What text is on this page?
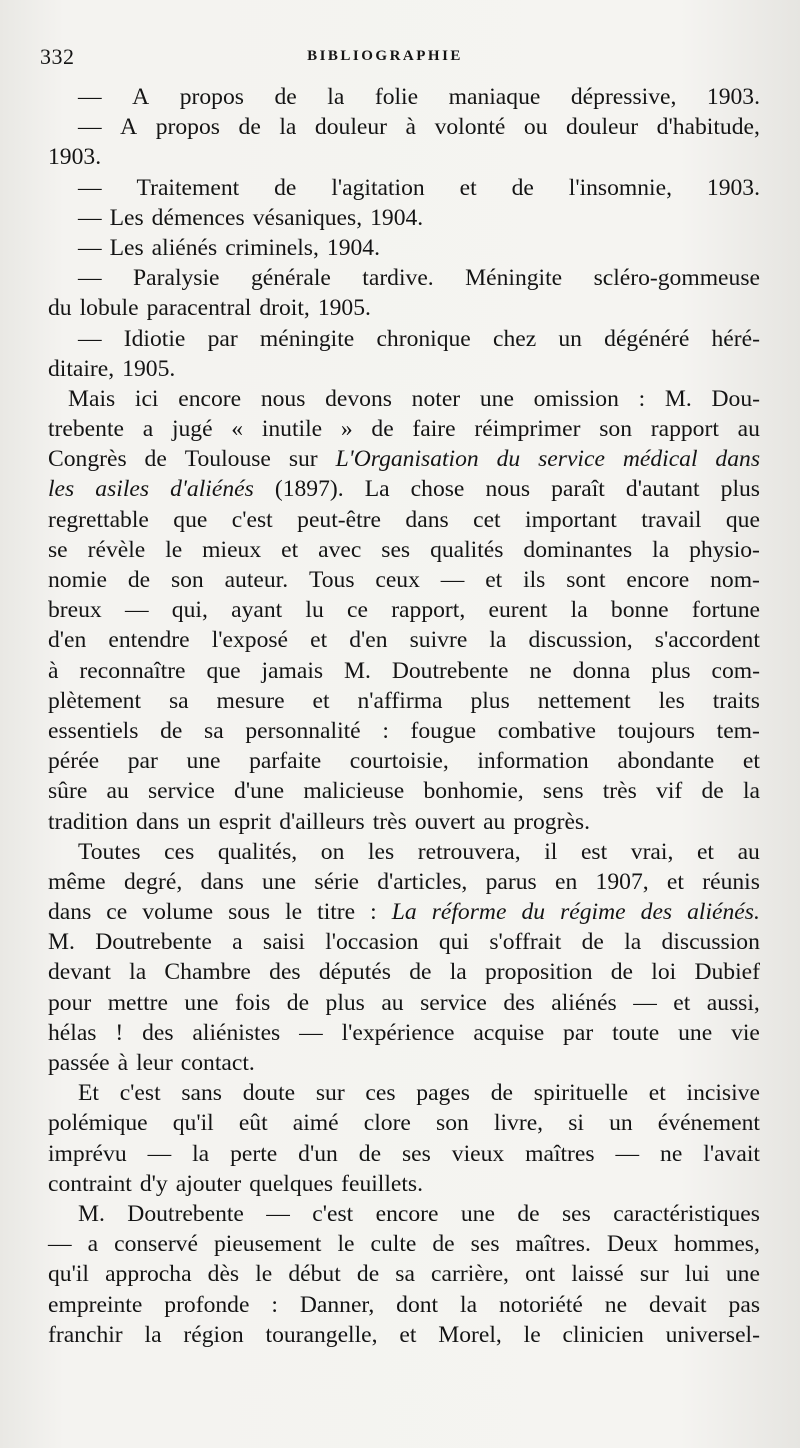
332	BIBLIOGRAPHIE
— A propos de la folie maniaque dépressive, 1903.
— A propos de la douleur à volonté ou douleur d'habitude,
1903.
— Traitement de l'agitation et de l'insomnie, 1903.
— Les démences vésaniques, 1904.
— Les aliénés criminels, 1904.
— Paralysie générale tardive. Méningite scléro-gommeuse
du lobule paracentral droit, 1905.
— Idiotie par méningite chronique chez un dégénéré héré-
ditaire, 1905.
Mais ici encore nous devons noter une omission : M. Dou-
trebente a jugé « inutile » de faire réimprimer son rapport au
Congrès de Toulouse sur L'Organisation du service médical dans
les asiles d'aliénés (1897). La chose nous paraît d'autant plus
regrettable que c'est peut-être dans cet important travail que
se révèle le mieux et avec ses qualités dominantes la physio-
nomie de son auteur. Tous ceux — et ils sont encore nom-
breux — qui, ayant lu ce rapport, eurent la bonne fortune
d'en entendre l'exposé et d'en suivre la discussion, s'accordent
à reconnaître que jamais M. Doutrebente ne donna plus com-
plètement sa mesure et n'affirma plus nettement les traits
essentiels de sa personnalité : fougue combative toujours tem-
pérée par une parfaite courtoisie, information abondante et
sûre au service d'une malicieuse bonhomie, sens très vif de la
tradition dans un esprit d'ailleurs très ouvert au progrès.
Toutes ces qualités, on les retrouvera, il est vrai, et au
même degré, dans une série d'articles, parus en 1907, et réunis
dans ce volume sous le titre : La réforme du régime des aliénés.
M. Doutrebente a saisi l'occasion qui s'offrait de la discussion
devant la Chambre des députés de la proposition de loi Dubief
pour mettre une fois de plus au service des aliénés — et aussi,
hélas ! des aliénistes — l'expérience acquise par toute une vie
passée à leur contact.
Et c'est sans doute sur ces pages de spirituelle et incisive
polémique qu'il eût aimé clore son livre, si un événement
imprévu — la perte d'un de ses vieux maîtres — ne l'avait
contraint d'y ajouter quelques feuillets.
M. Doutrebente — c'est encore une de ses caractéristiques
— a conservé pieusement le culte de ses maîtres. Deux hommes,
qu'il approcha dès le début de sa carrière, ont laissé sur lui une
empreinte profonde : Danner, dont la notoriété ne devait pas
franchir la région tourangelle, et Morel, le clinicien universel-
